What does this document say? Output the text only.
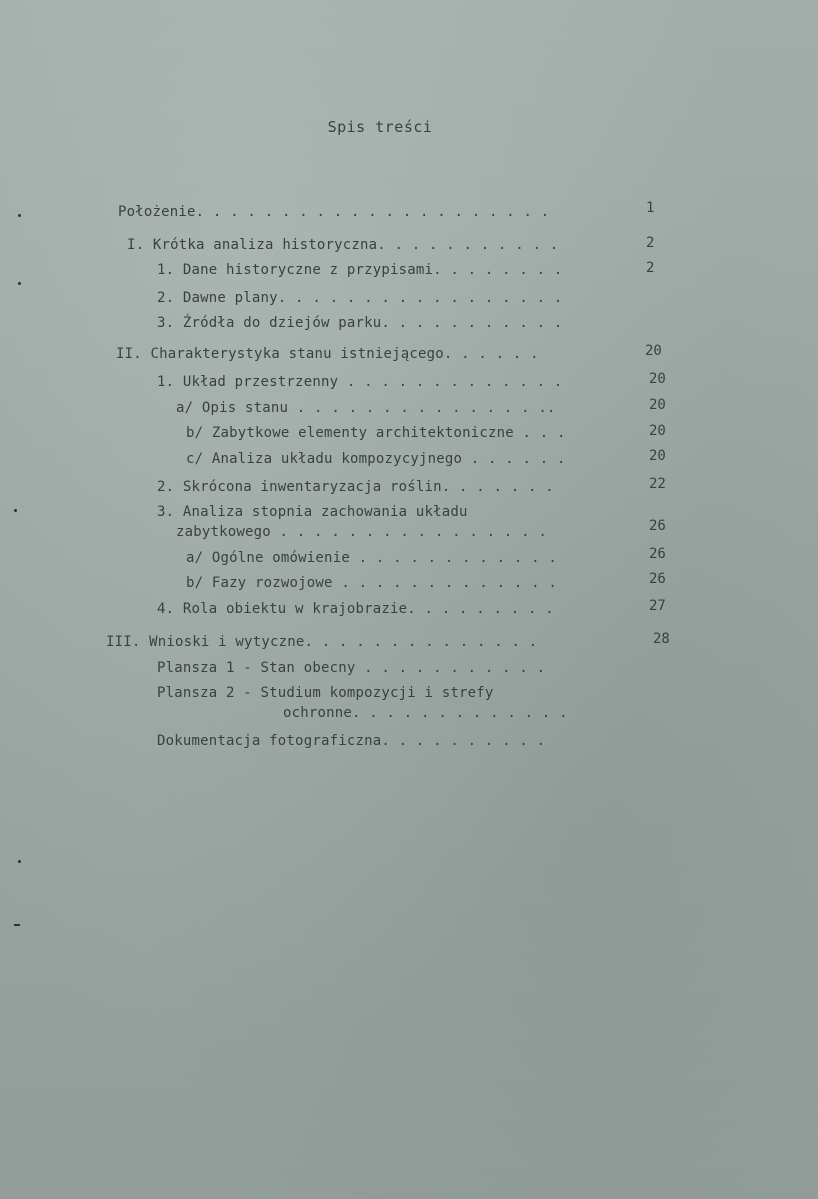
Spis treści
Położenie. . . . . . . . . . . . . . . . . . . . .	1
I. Krótka analiza historyczna. . . . . . . . . . .	2
1. Dane historyczne z przypisami. . . . . . . .	2
2. Dawne plany. . . . . . . . . . . . . . . . .
3. Źródła do dziejów parku. . . . . . . . . . .
II. Charakterystyka stanu istniejącego. . . . . .	20
1. Układ przestrzenny . . . . . . . . . . . . .	20
a/ Opis stanu . . . . . . . . . . . . . . ..	20
b/ Zabytkowe elementy architektoniczne . . .	20
c/ Analiza układu kompozycyjnego . . . . . .	20
2. Skrócona inwentaryzacja roślin. . . . . . .	22
3. Analiza stopnia zachowania układu
zabytkowego . . . . . . . . . . . . . . . .	26
a/ Ogólne omówienie . . . . . . . . . . . .	26
b/ Fazy rozwojowe . . . . . . . . . . . . .	26
4. Rola obiektu w krajobrazie. . . . . . . . .	27
III. Wnioski i wytyczne. . . . . . . . . . . . . .	28
Plansza 1 - Stan obecny . . . . . . . . . . .
Plansza 2 - Studium kompozycji i strefy
ochronne. . . . . . . . . . . . .
Dokumentacja fotograficzna. . . . . . . . . .
